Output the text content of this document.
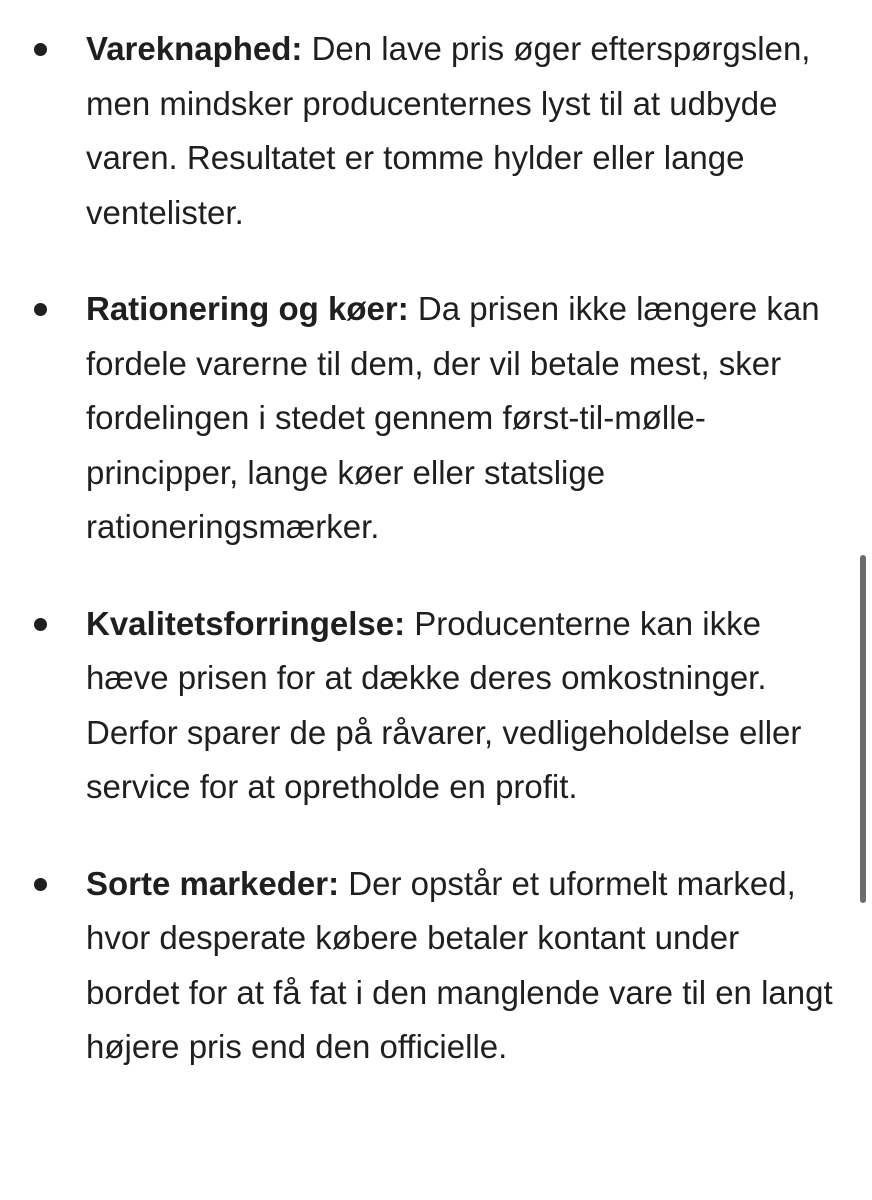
Vareknaphed: Den lave pris øger efterspørgslen, men mindsker producenternes lyst til at udbyde varen. Resultatet er tomme hylder eller lange ventelister.
Rationering og køer: Da prisen ikke længere kan fordele varerne til dem, der vil betale mest, sker fordelingen i stedet gennem først-til-mølle-principper, lange køer eller statslige rationeringsmærker.
Kvalitetsforringelse: Producenterne kan ikke hæve prisen for at dække deres omkostninger. Derfor sparer de på råvarer, vedligeholdelse eller service for at opretholde en profit.
Sorte markeder: Der opstår et uformelt marked, hvor desperate købere betaler kontant under bordet for at få fat i den manglende vare til en langt højere pris end den officielle.
